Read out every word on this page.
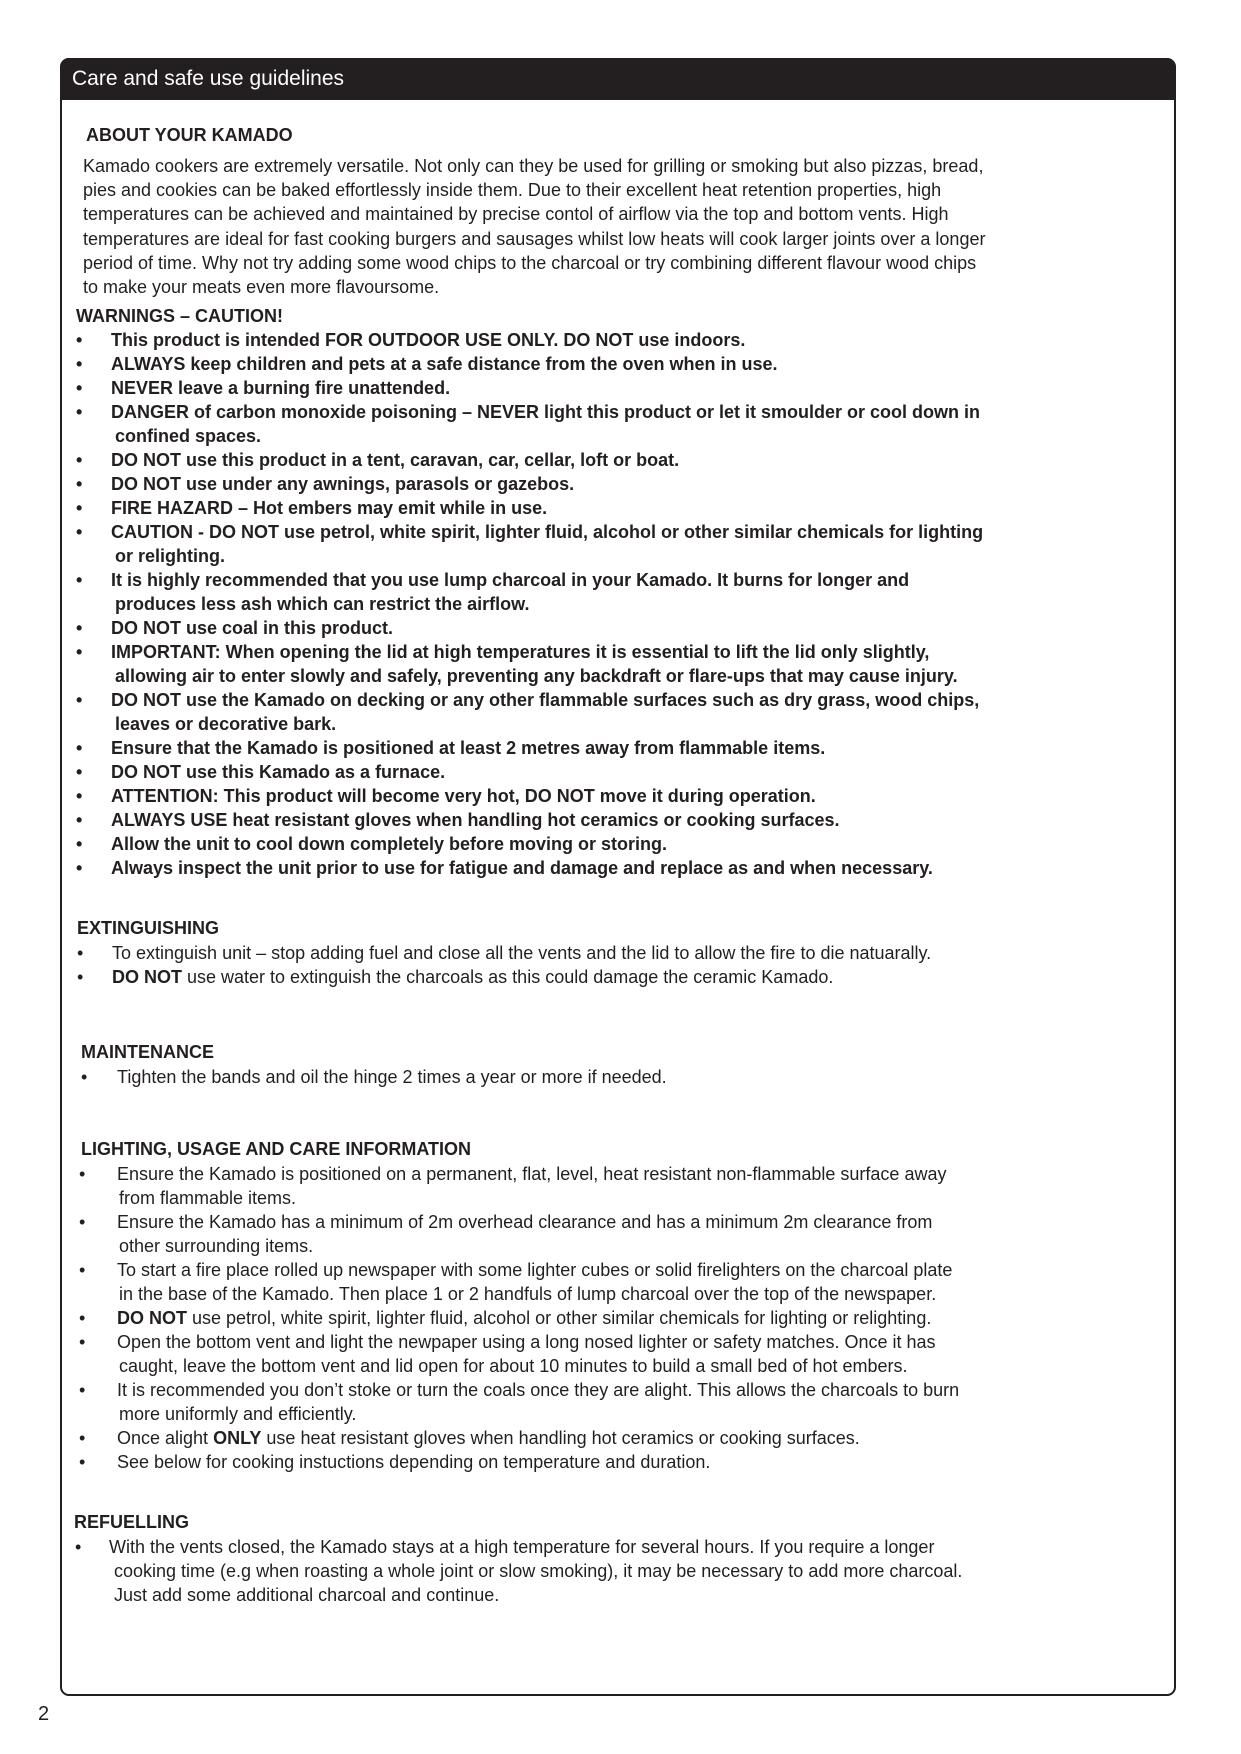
Care and safe use guidelines
ABOUT YOUR KAMADO
Kamado cookers are extremely versatile. Not only can they be used for grilling or smoking but also pizzas, bread,
pies and cookies can be baked effortlessly inside them. Due to their excellent heat retention properties, high
temperatures can be achieved and maintained by precise contol of airflow via the top and bottom vents. High
temperatures are ideal for fast cooking burgers and sausages whilst low heats will cook larger joints over a longer
period of time. Why not try adding some wood chips to the charcoal or try combining different flavour wood chips
to make your meats even more flavoursome.
WARNINGS – CAUTION!
• This product is intended FOR OUTDOOR USE ONLY. DO NOT use indoors.
• ALWAYS keep children and pets at a safe distance from the oven when in use.
• NEVER leave a burning fire unattended.
• DANGER of carbon monoxide poisoning – NEVER light this product or let it smoulder or cool down in
confined spaces.
• DO NOT use this product in a tent, caravan, car, cellar, loft or boat.
• DO NOT use under any awnings, parasols or gazebos.
• FIRE HAZARD – Hot embers may emit while in use.
• CAUTION - DO NOT use petrol, white spirit, lighter fluid, alcohol or other similar chemicals for lighting
or relighting.
• It is highly recommended that you use lump charcoal in your Kamado. It burns for longer and
produces less ash which can restrict the airflow.
• DO NOT use coal in this product.
• IMPORTANT: When opening the lid at high temperatures it is essential to lift the lid only slightly,
allowing air to enter slowly and safely, preventing any backdraft or flare-ups that may cause injury.
• DO NOT use the Kamado on decking or any other flammable surfaces such as dry grass, wood chips,
leaves or decorative bark.
• Ensure that the Kamado is positioned at least 2 metres away from flammable items.
• DO NOT use this Kamado as a furnace.
• ATTENTION: This product will become very hot, DO NOT move it during operation.
• ALWAYS USE heat resistant gloves when handling hot ceramics or cooking surfaces.
• Allow the unit to cool down completely before moving or storing.
• Always inspect the unit prior to use for fatigue and damage and replace as and when necessary.
EXTINGUISHING
• To extinguish unit – stop adding fuel and close all the vents and the lid to allow the fire to die natuarally.
• DO NOT use water to extinguish the charcoals as this could damage the ceramic Kamado.
MAINTENANCE
• Tighten the bands and oil the hinge 2 times a year or more if needed.
LIGHTING, USAGE AND CARE INFORMATION
• Ensure the Kamado is positioned on a permanent, flat, level, heat resistant non-flammable surface away
from flammable items.
• Ensure the Kamado has a minimum of 2m overhead clearance and has a minimum 2m clearance from
other surrounding items.
• To start a fire place rolled up newspaper with some lighter cubes or solid firelighters on the charcoal plate
in the base of the Kamado. Then place 1 or 2 handfuls of lump charcoal over the top of the newspaper.
• DO NOT use petrol, white spirit, lighter fluid, alcohol or other similar chemicals for lighting or relighting.
• Open the bottom vent and light the newpaper using a long nosed lighter or safety matches. Once it has
caught, leave the bottom vent and lid open for about 10 minutes to build a small bed of hot embers.
• It is recommended you don’t stoke or turn the coals once they are alight. This allows the charcoals to burn
more uniformly and efficiently.
• Once alight ONLY use heat resistant gloves when handling hot ceramics or cooking surfaces.
• See below for cooking instuctions depending on temperature and duration.
REFUELLING
• With the vents closed, the Kamado stays at a high temperature for several hours. If you require a longer
cooking time (e.g when roasting a whole joint or slow smoking), it may be necessary to add more charcoal.
Just add some additional charcoal and continue.
2
